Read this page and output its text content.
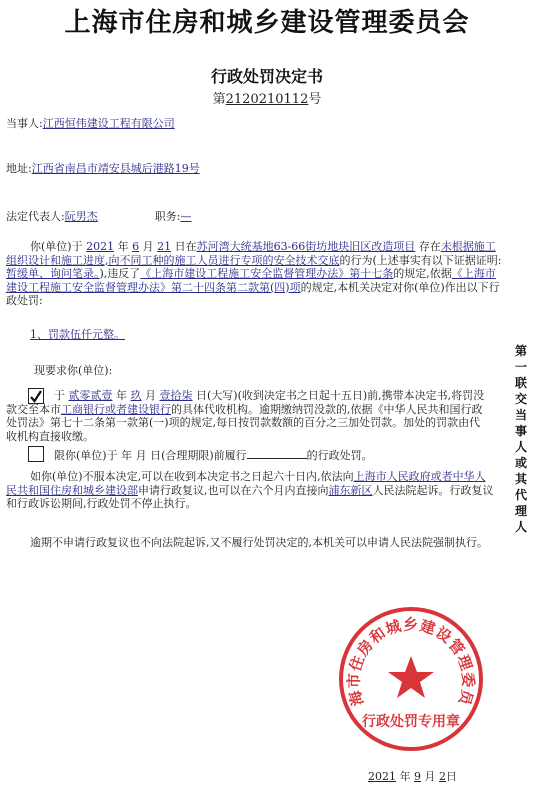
上海市住房和城乡建设管理委员会
行政处罚决定书
第2120210112号
当事人:江西恒伟建设工程有限公司
地址:江西省南昌市靖安县城后港路19号
法定代表人:阮男杰	职务:—
你(单位)于 2021 年 6 月 21 日在苏河湾大统基地63-66街坊地块旧区改造项目 存在未根据施工组织设计和施工进度,向不同工种的施工人员进行专项的安全技术交底的行为(上述事实有以下证据证明:暂缓单、询问笔录。),违反了《上海市建设工程施工安全监督管理办法》第十七条的规定,依据《上海市建设工程施工安全监督管理办法》第二十四条第二款第(四)项的规定,本机关决定对你(单位)作出以下行政处罚:
1、罚款伍仟元整。
现要求你(单位):
于 贰零贰壹 年 玖 月 壹拾柒 日(大写)(收到决定书之日起十五日)前,携带本决定书,将罚没款交至本市工商银行或者建设银行的具体代收机构。逾期缴纳罚没款的,依据《中华人民共和国行政处罚法》第七十二条第一款第(一)项的规定,每日按罚款数额的百分之三加处罚款。加处的罚款由代收机构直接收缴。
限你(单位)于 年 月 日(合理期限)前履行	的行政处罚。
如你(单位)不服本决定,可以在收到本决定书之日起六十日内,依法向上海市人民政府或者中华人民共和国住房和城乡建设部申请行政复议,也可以在六个月内直接向浦东新区人民法院起诉。行政复议和行政诉讼期间,行政处罚不停止执行。
逾期不申请行政复议也不向法院起诉,又不履行处罚决定的,本机关可以申请人民法院强制执行。
第一联 交当事人或其代理人
海市住房和城乡建设管理委员
行政处罚专用章
2021 年 9 月 2日
